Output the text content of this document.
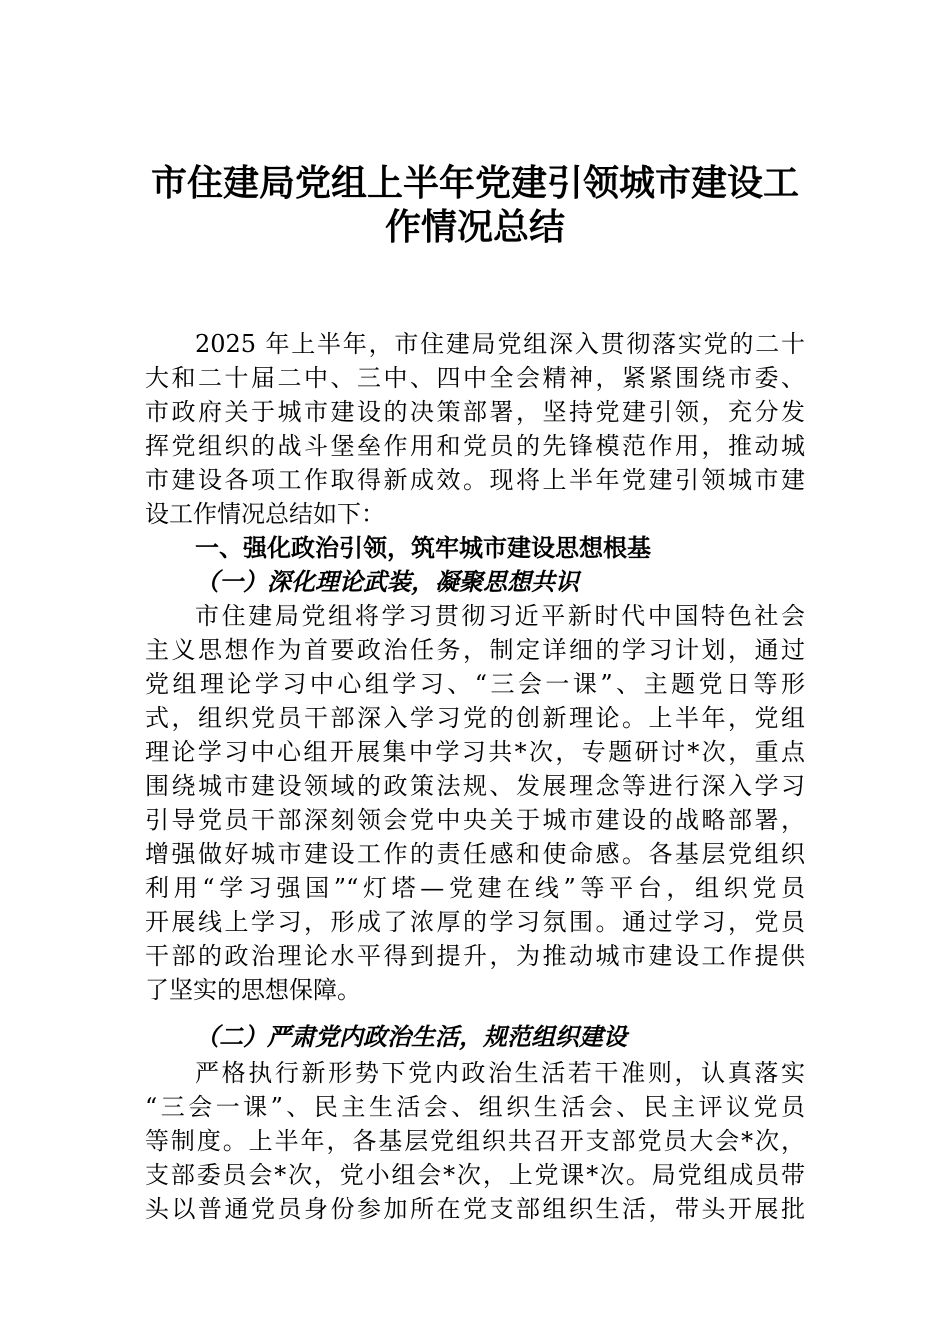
市住建局党组上半年党建引领城市建设工
作情况总结
2025 年上半年，市住建局党组深入贯彻落实党的二十
大和二十届二中、三中、四中全会精神，紧紧围绕市委、
市政府关于城市建设的决策部署，坚持党建引领，充分发
挥党组织的战斗堡垒作用和党员的先锋模范作用，推动城
市建设各项工作取得新成效。现将上半年党建引领城市建
设工作情况总结如下：
一、强化政治引领，筑牢城市建设思想根基
（一）深化理论武装，凝聚思想共识
市住建局党组将学习贯彻习近平新时代中国特色社会
主义思想作为首要政治任务，制定详细的学习计划，通过
党组理论学习中心组学习、“三会一课”、主题党日等形
式，组织党员干部深入学习党的创新理论。上半年，党组
理论学习中心组开展集中学习共*次，专题研讨*次，重点
围绕城市建设领域的政策法规、发展理念等进行深入学习
引导党员干部深刻领会党中央关于城市建设的战略部署，
增强做好城市建设工作的责任感和使命感。各基层党组织
利用“学习强国”“灯塔—党建在线”等平台，组织党员
开展线上学习，形成了浓厚的学习氛围。通过学习，党员
干部的政治理论水平得到提升，为推动城市建设工作提供
了坚实的思想保障。
（二）严肃党内政治生活，规范组织建设
严格执行新形势下党内政治生活若干准则，认真落实
“三会一课”、民主生活会、组织生活会、民主评议党员
等制度。上半年，各基层党组织共召开支部党员大会*次，
支部委员会*次，党小组会*次，上党课*次。局党组成员带
头以普通党员身份参加所在党支部组织生活，带头开展批
